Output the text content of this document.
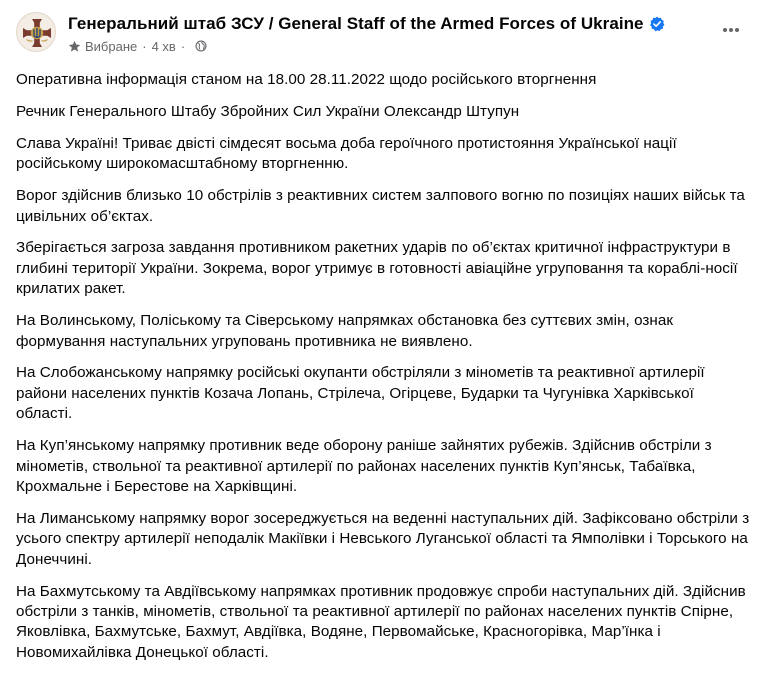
Генеральний штаб ЗСУ / General Staff of the Armed Forces of Ukraine
Вибране · 4 хв ·

Оперативна інформація станом на 18.00 28.11.2022 щодо російського вторгнення

Речник Генерального Штабу Збройних Сил України Олександр Штупун

Слава Україні! Триває двісті сімдесят восьма доба героїчного протистояння Української нації російському широкомасштабному вторгненню.

Ворог здійснив близько 10 обстрілів з реактивних систем залпового вогню по позиціях наших військ та цивільних об’єктах.

Зберігається загроза завдання противником ракетних ударів по об’єктах критичної інфраструктури в глибині території України. Зокрема, ворог утримує в готовності авіаційне угруповання та кораблі-носії крилатих ракет.

На Волинському, Поліському та Сіверському напрямках обстановка без суттєвих змін, ознак формування наступальних угруповань противника не виявлено.

На Слобожанському напрямку російські окупанти обстріляли з мінометів та реактивної артилерії райони населених пунктів Козача Лопань, Стрілеча, Огірцеве, Бударки та Чугунівка Харківської області.

На Куп’янському напрямку противник веде оборону раніше зайнятих рубежів. Здійснив обстріли з мінометів, ствольної та реактивної артилерії по районах населених пунктів Куп’янськ, Табаївка, Крохмальне і Берестове на Харківщині.

На Лиманському напрямку ворог зосереджується на веденні наступальних дій. Зафіксовано обстріли з усього спектру артилерії неподалік Макіївки і Невського Луганської області та Ямполівки і Торського на Донеччині.

На Бахмутському та Авдіївському напрямках противник продовжує спроби наступальних дій. Здійснив обстріли з танків, мінометів, ствольної та реактивної артилерії по районах населених пунктів Спірне, Яковлівка, Бахмутське, Бахмут, Авдіївка, Водяне, Первомайське, Красногорівка, Мар’їнка і Новомихайлівка Донецької області.
